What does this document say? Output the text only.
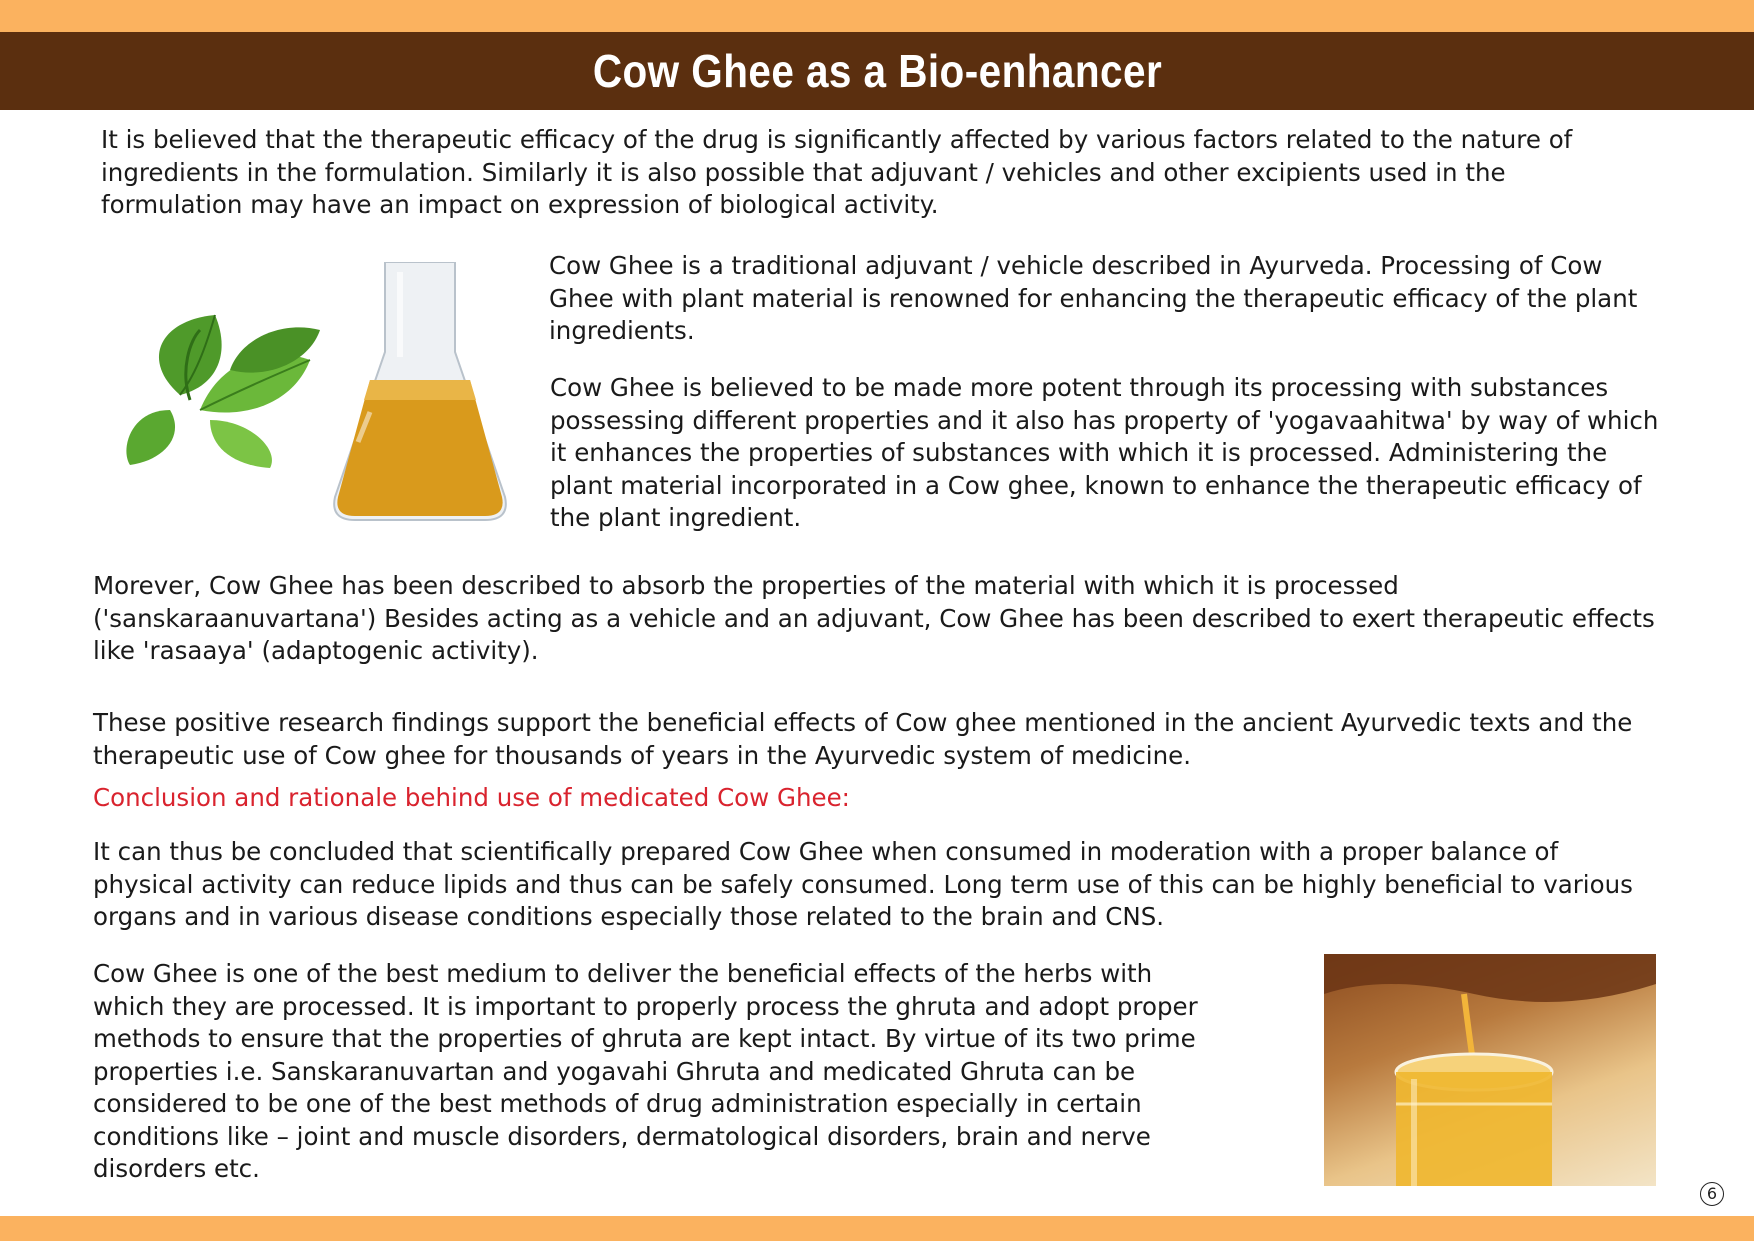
Cow Ghee as a Bio-enhancer

It is believed that the therapeutic efficacy of the drug is significantly affected by various factors related to the nature of
ingredients in the formulation. Similarly it is also possible that adjuvant / vehicles and other excipients used in the
formulation may have an impact on expression of biological activity.

Cow Ghee is a traditional adjuvant / vehicle described in Ayurveda. Processing of Cow
Ghee with plant material is renowned for enhancing the therapeutic efficacy of the plant
ingredients.

Cow Ghee is believed to be made more potent through its processing with substances
possessing different properties and it also has property of 'yogavaahitwa' by way of which
it enhances the properties of substances with which it is processed. Administering the
plant material incorporated in a Cow ghee, known to enhance the therapeutic efficacy of
the plant ingredient.

Morever, Cow Ghee has been described to absorb the properties of the material with which it is processed
('sanskaraanuvartana') Besides acting as a vehicle and an adjuvant, Cow Ghee has been described to exert therapeutic effects
like 'rasaaya' (adaptogenic activity).

These positive research findings support the beneficial effects of Cow ghee mentioned in the ancient Ayurvedic texts and the
therapeutic use of Cow ghee for thousands of years in the Ayurvedic system of medicine.

Conclusion and rationale behind use of medicated Cow Ghee:

It can thus be concluded that scientifically prepared Cow Ghee when consumed in moderation with a proper balance of
physical activity can reduce lipids and thus can be safely consumed. Long term use of this can be highly beneficial to various
organs and in various disease conditions especially those related to the brain and CNS.

Cow Ghee is one of the best medium to deliver the beneficial effects of the herbs with
which they are processed. It is important to properly process the ghruta and adopt proper
methods to ensure that the properties of ghruta are kept intact. By virtue of its two prime
properties i.e. Sanskaranuvartan and yogavahi Ghruta and medicated Ghruta can be
considered to be one of the best methods of drug administration especially in certain
conditions like – joint and muscle disorders, dermatological disorders, brain and nerve
disorders etc.

6
